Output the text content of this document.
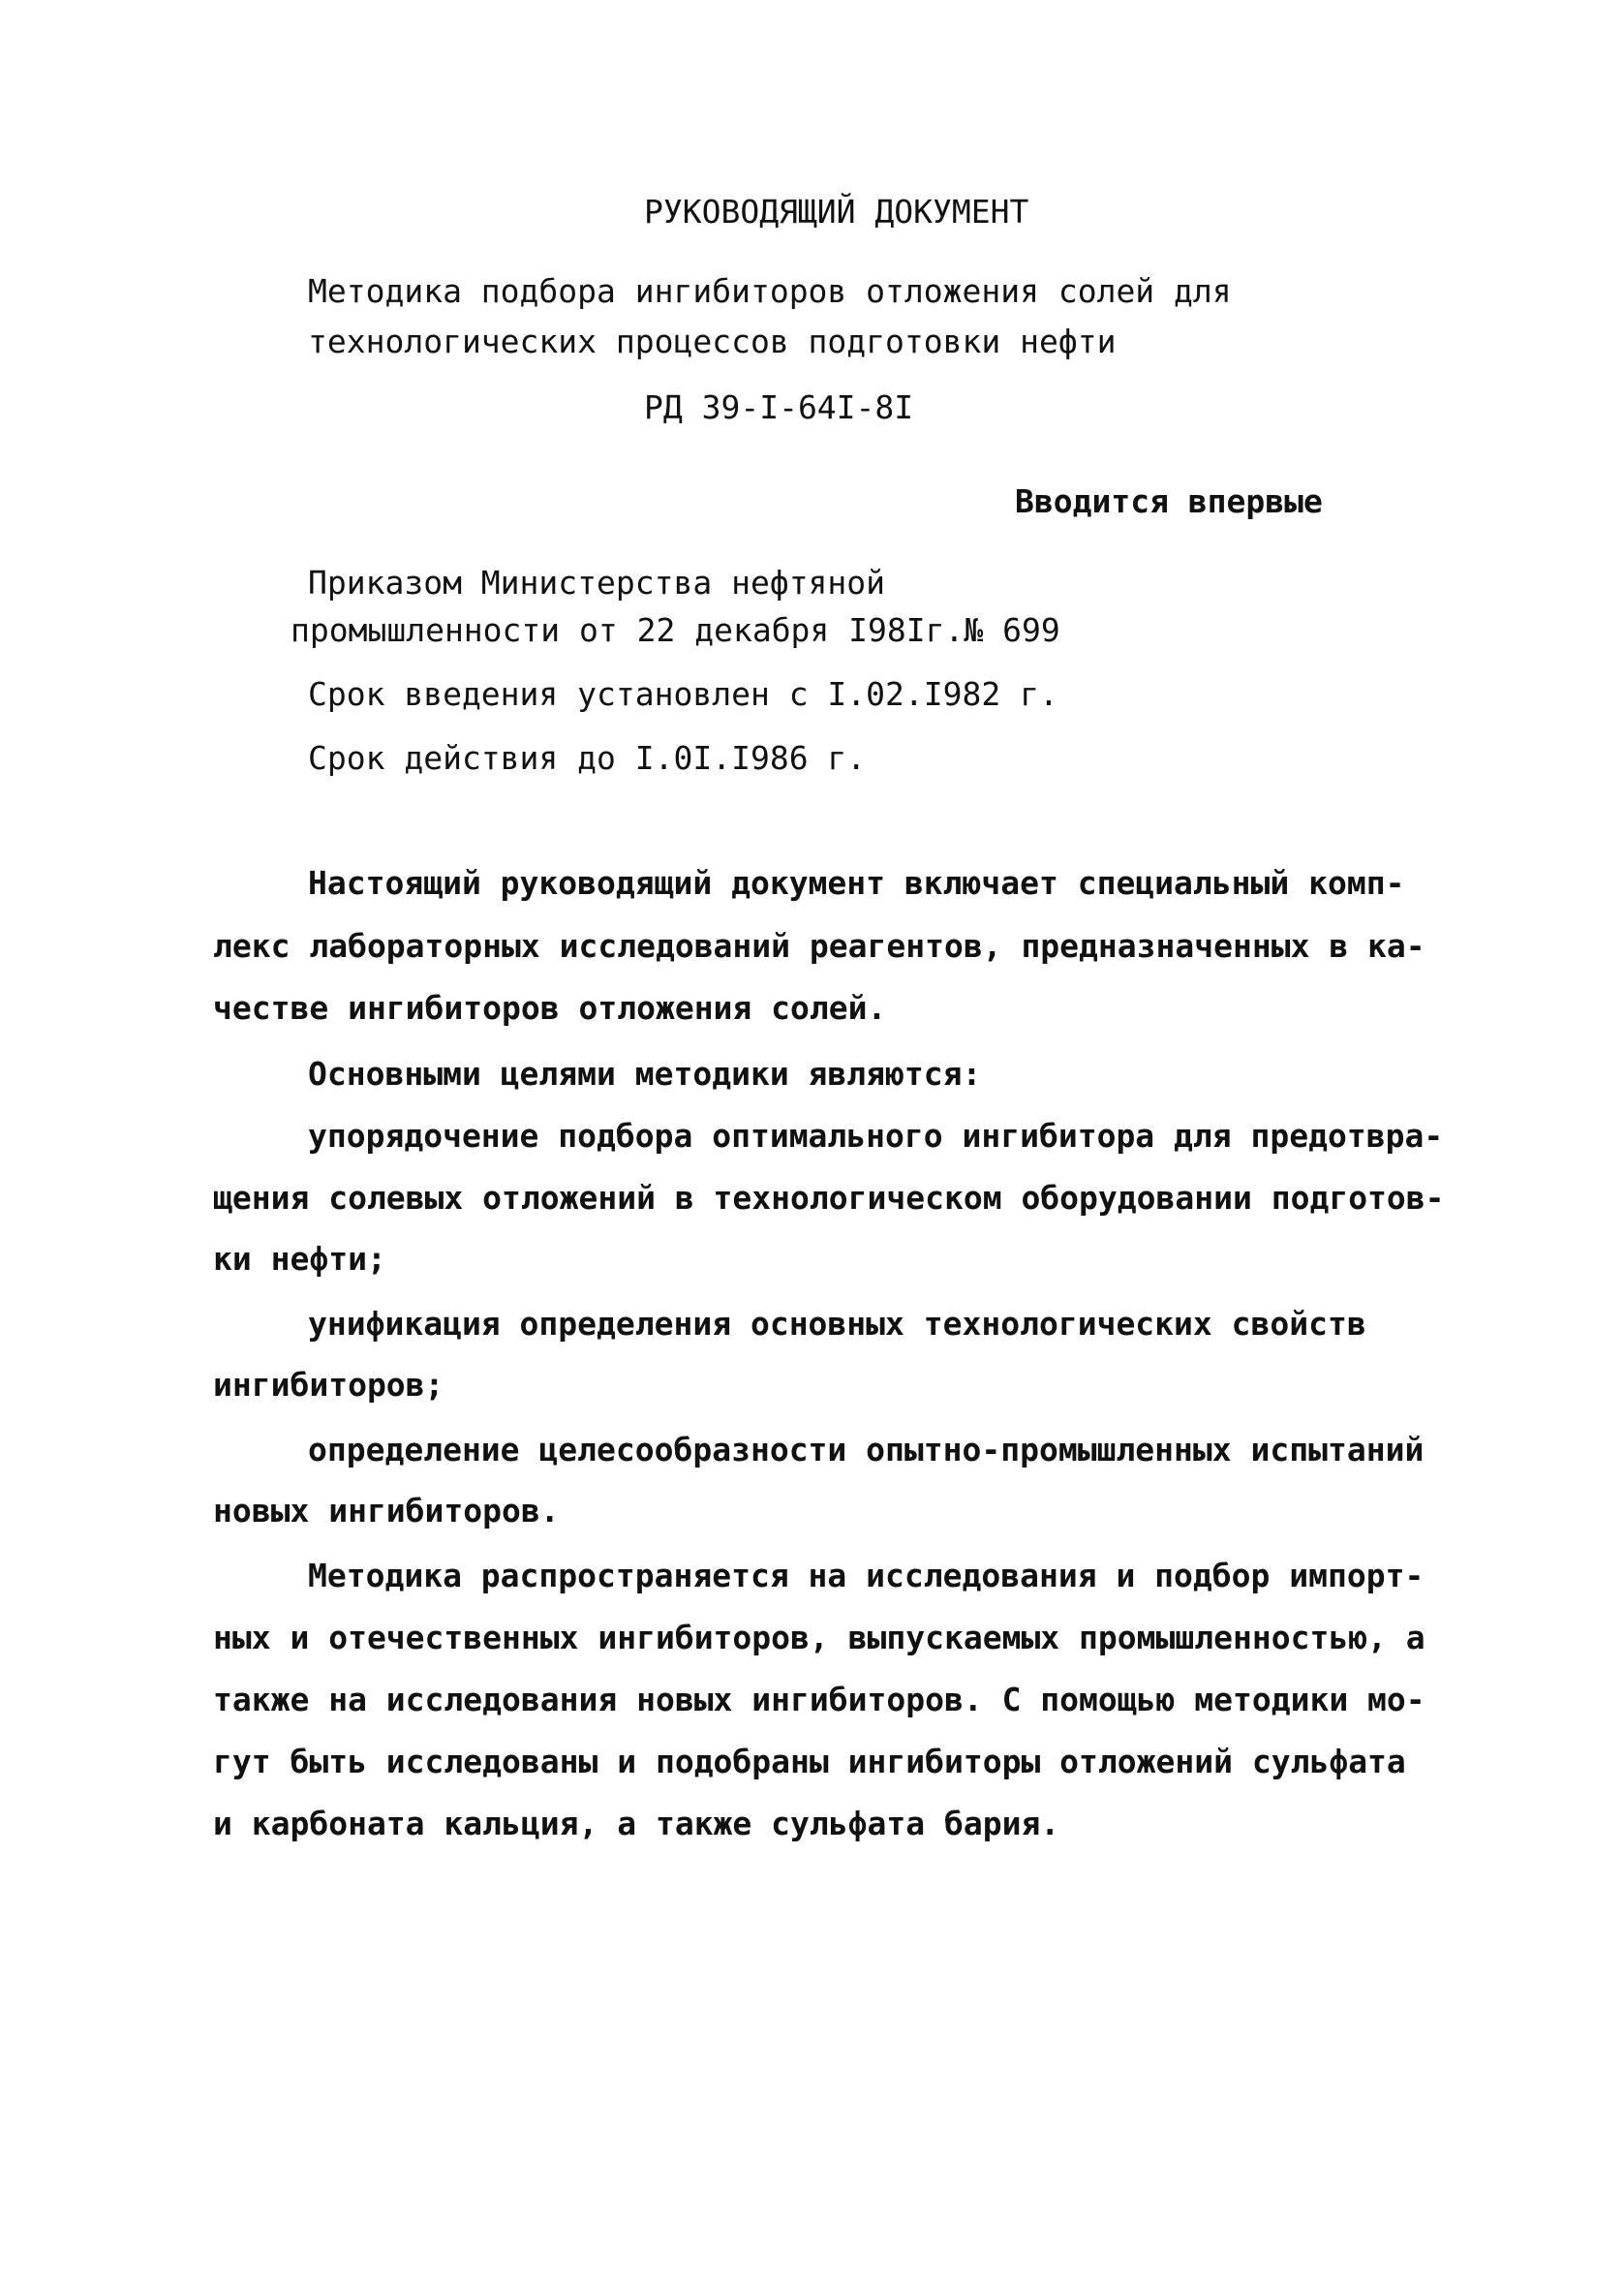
РУКОВОДЯЩИЙ ДОКУМЕНТ
Методика подбора ингибиторов отложения солей для
технологических процессов подготовки нефти
РД 39-I-64I-8I
Вводится впервые
Приказом Министерства нефтяной
промышленности от 22 декабря I98Iг.№ 699
Срок введения установлен с I.02.I982 г.
Срок действия до I.0I.I986 г.
Настоящий руководящий документ включает специальный комп-
лекс лабораторных исследований реагентов, предназначенных в ка-
честве ингибиторов отложения солей.
Основными целями методики являются:
упорядочение подбора оптимального ингибитора для предотвра-
щения солевых отложений в технологическом оборудовании подготов-
ки нефти;
унификация определения основных технологических свойств
ингибиторов;
определение целесообразности опытно-промышленных испытаний
новых ингибиторов.
Методика распространяется на исследования и подбор импорт-
ных и отечественных ингибиторов, выпускаемых промышленностью, а
также на исследования новых ингибиторов. С помощью методики мо-
гут быть исследованы и подобраны ингибиторы отложений сульфата
и карбоната кальция, а также сульфата бария.
